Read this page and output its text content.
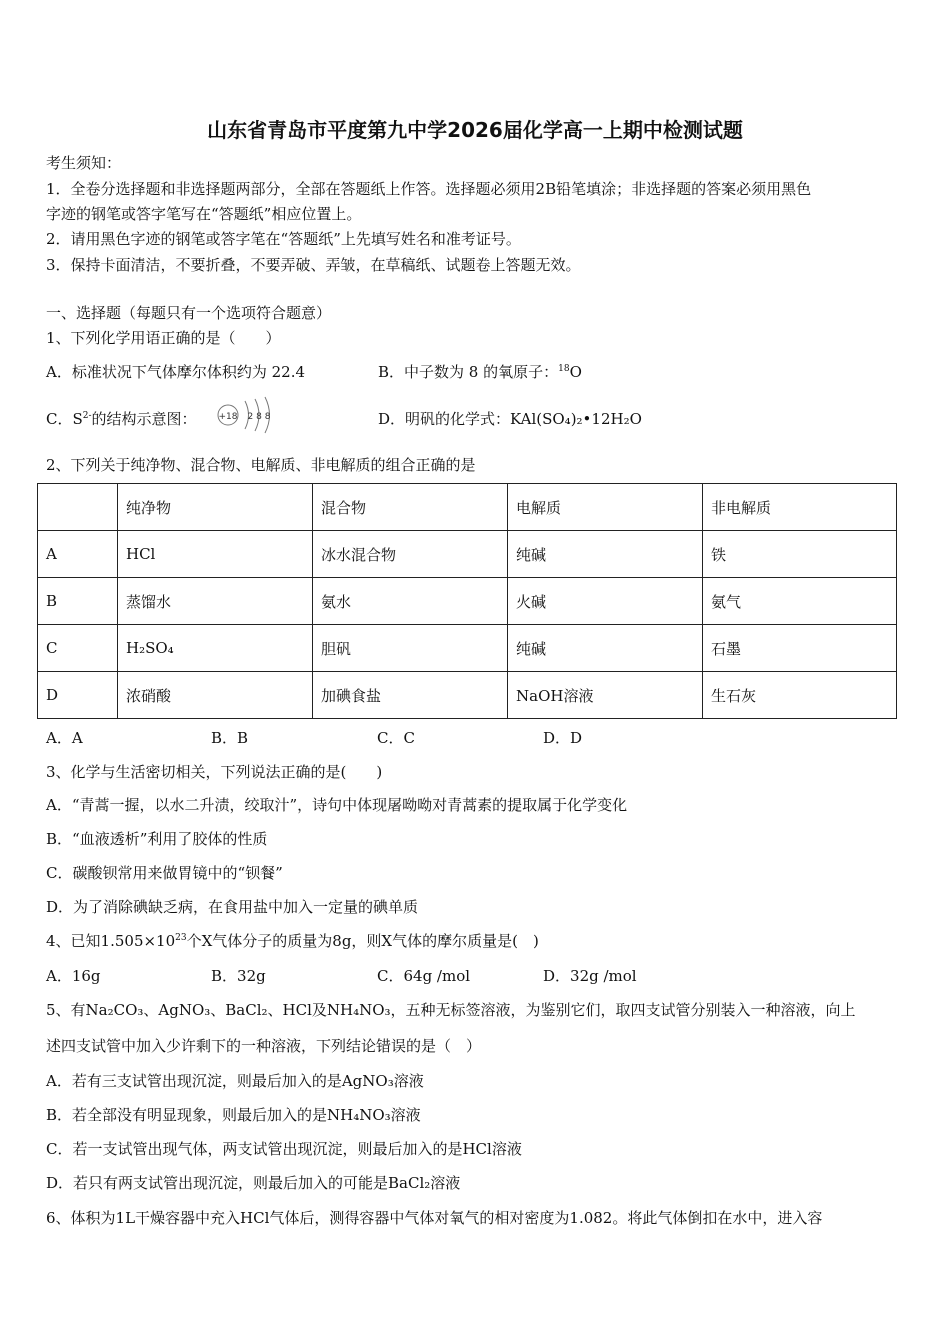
山东省青岛市平度第九中学2026届化学高一上期中检测试题
考生须知：
1．全卷分选择题和非选择题两部分，全部在答题纸上作答。选择题必须用2B铅笔填涂；非选择题的答案必须用黑色
字迹的钢笔或答字笔写在“答题纸”相应位置上。
2．请用黑色字迹的钢笔或答字笔在“答题纸”上先填写姓名和准考证号。
3．保持卡面清洁，不要折叠，不要弄破、弄皱，在草稿纸、试题卷上答题无效。
一、选择题（每题只有一个选项符合题意）
1、下列化学用语正确的是（　　）
A．标准状况下气体摩尔体积约为 22.4	B．中子数为 8 的氧原子：$^{18}$O
C．$S^{2-}$的结构示意图： +18 2 8 8	D．明矾的化学式：KAl(SO₄)₂•12H₂O
2、下列关于纯净物、混合物、电解质、非电解质的组合正确的是
	纯净物	混合物	电解质	非电解质
A	HCl	冰水混合物	纯碱	铁
B	蒸馏水	氨水	火碱	氨气
C	H₂SO₄	胆矾	纯碱	石墨
D	浓硝酸	加碘食盐	NaOH溶液	生石灰
A．A	B．B	C．C	D．D
3、化学与生活密切相关，下列说法正确的是(　　)
A．“青蒿一握，以水二升渍，绞取汁”，诗句中体现屠呦呦对青蒿素的提取属于化学变化
B．“血液透析”利用了胶体的性质
C．碳酸钡常用来做胃镜中的“钡餐”
D．为了消除碘缺乏病，在食用盐中加入一定量的碘单质
4、已知$1.505\times 10^{23}$个X气体分子的质量为8g，则X气体的摩尔质量是(　)
A．16g	B．32g	C．64g /mol	D．32g /mol
5、有Na₂CO₃、AgNO₃、BaCl₂、HCl及NH₄NO₃，五种无标签溶液，为鉴别它们，取四支试管分别装入一种溶液，向上
述四支试管中加入少许剩下的一种溶液，下列结论错误的是（　）
A．若有三支试管出现沉淀，则最后加入的是AgNO₃溶液
B．若全部没有明显现象，则最后加入的是NH₄NO₃溶液
C．若一支试管出现气体，两支试管出现沉淀，则最后加入的是HCl溶液
D．若只有两支试管出现沉淀，则最后加入的可能是BaCl₂溶液
6、体积为1L干燥容器中充入HCl气体后，测得容器中气体对氧气的相对密度为1.082。将此气体倒扣在水中，进入容
